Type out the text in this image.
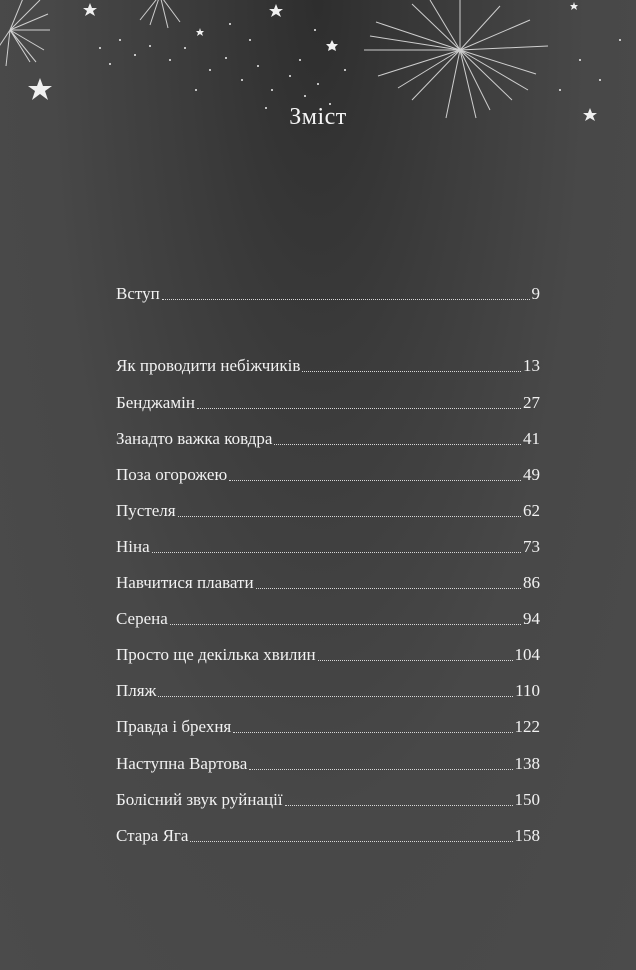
Зміст
Вступ	9
Як проводити небіжчиків	13
Бенджамін	27
Занадто важка ковдра	41
Поза огорожею	49
Пустеля	62
Ніна	73
Навчитися плавати	86
Серена	94
Просто ще декілька хвилин	104
Пляж	110
Правда і брехня	122
Наступна Вартова	138
Болісний звук руйнації	150
Стара Яга	158
